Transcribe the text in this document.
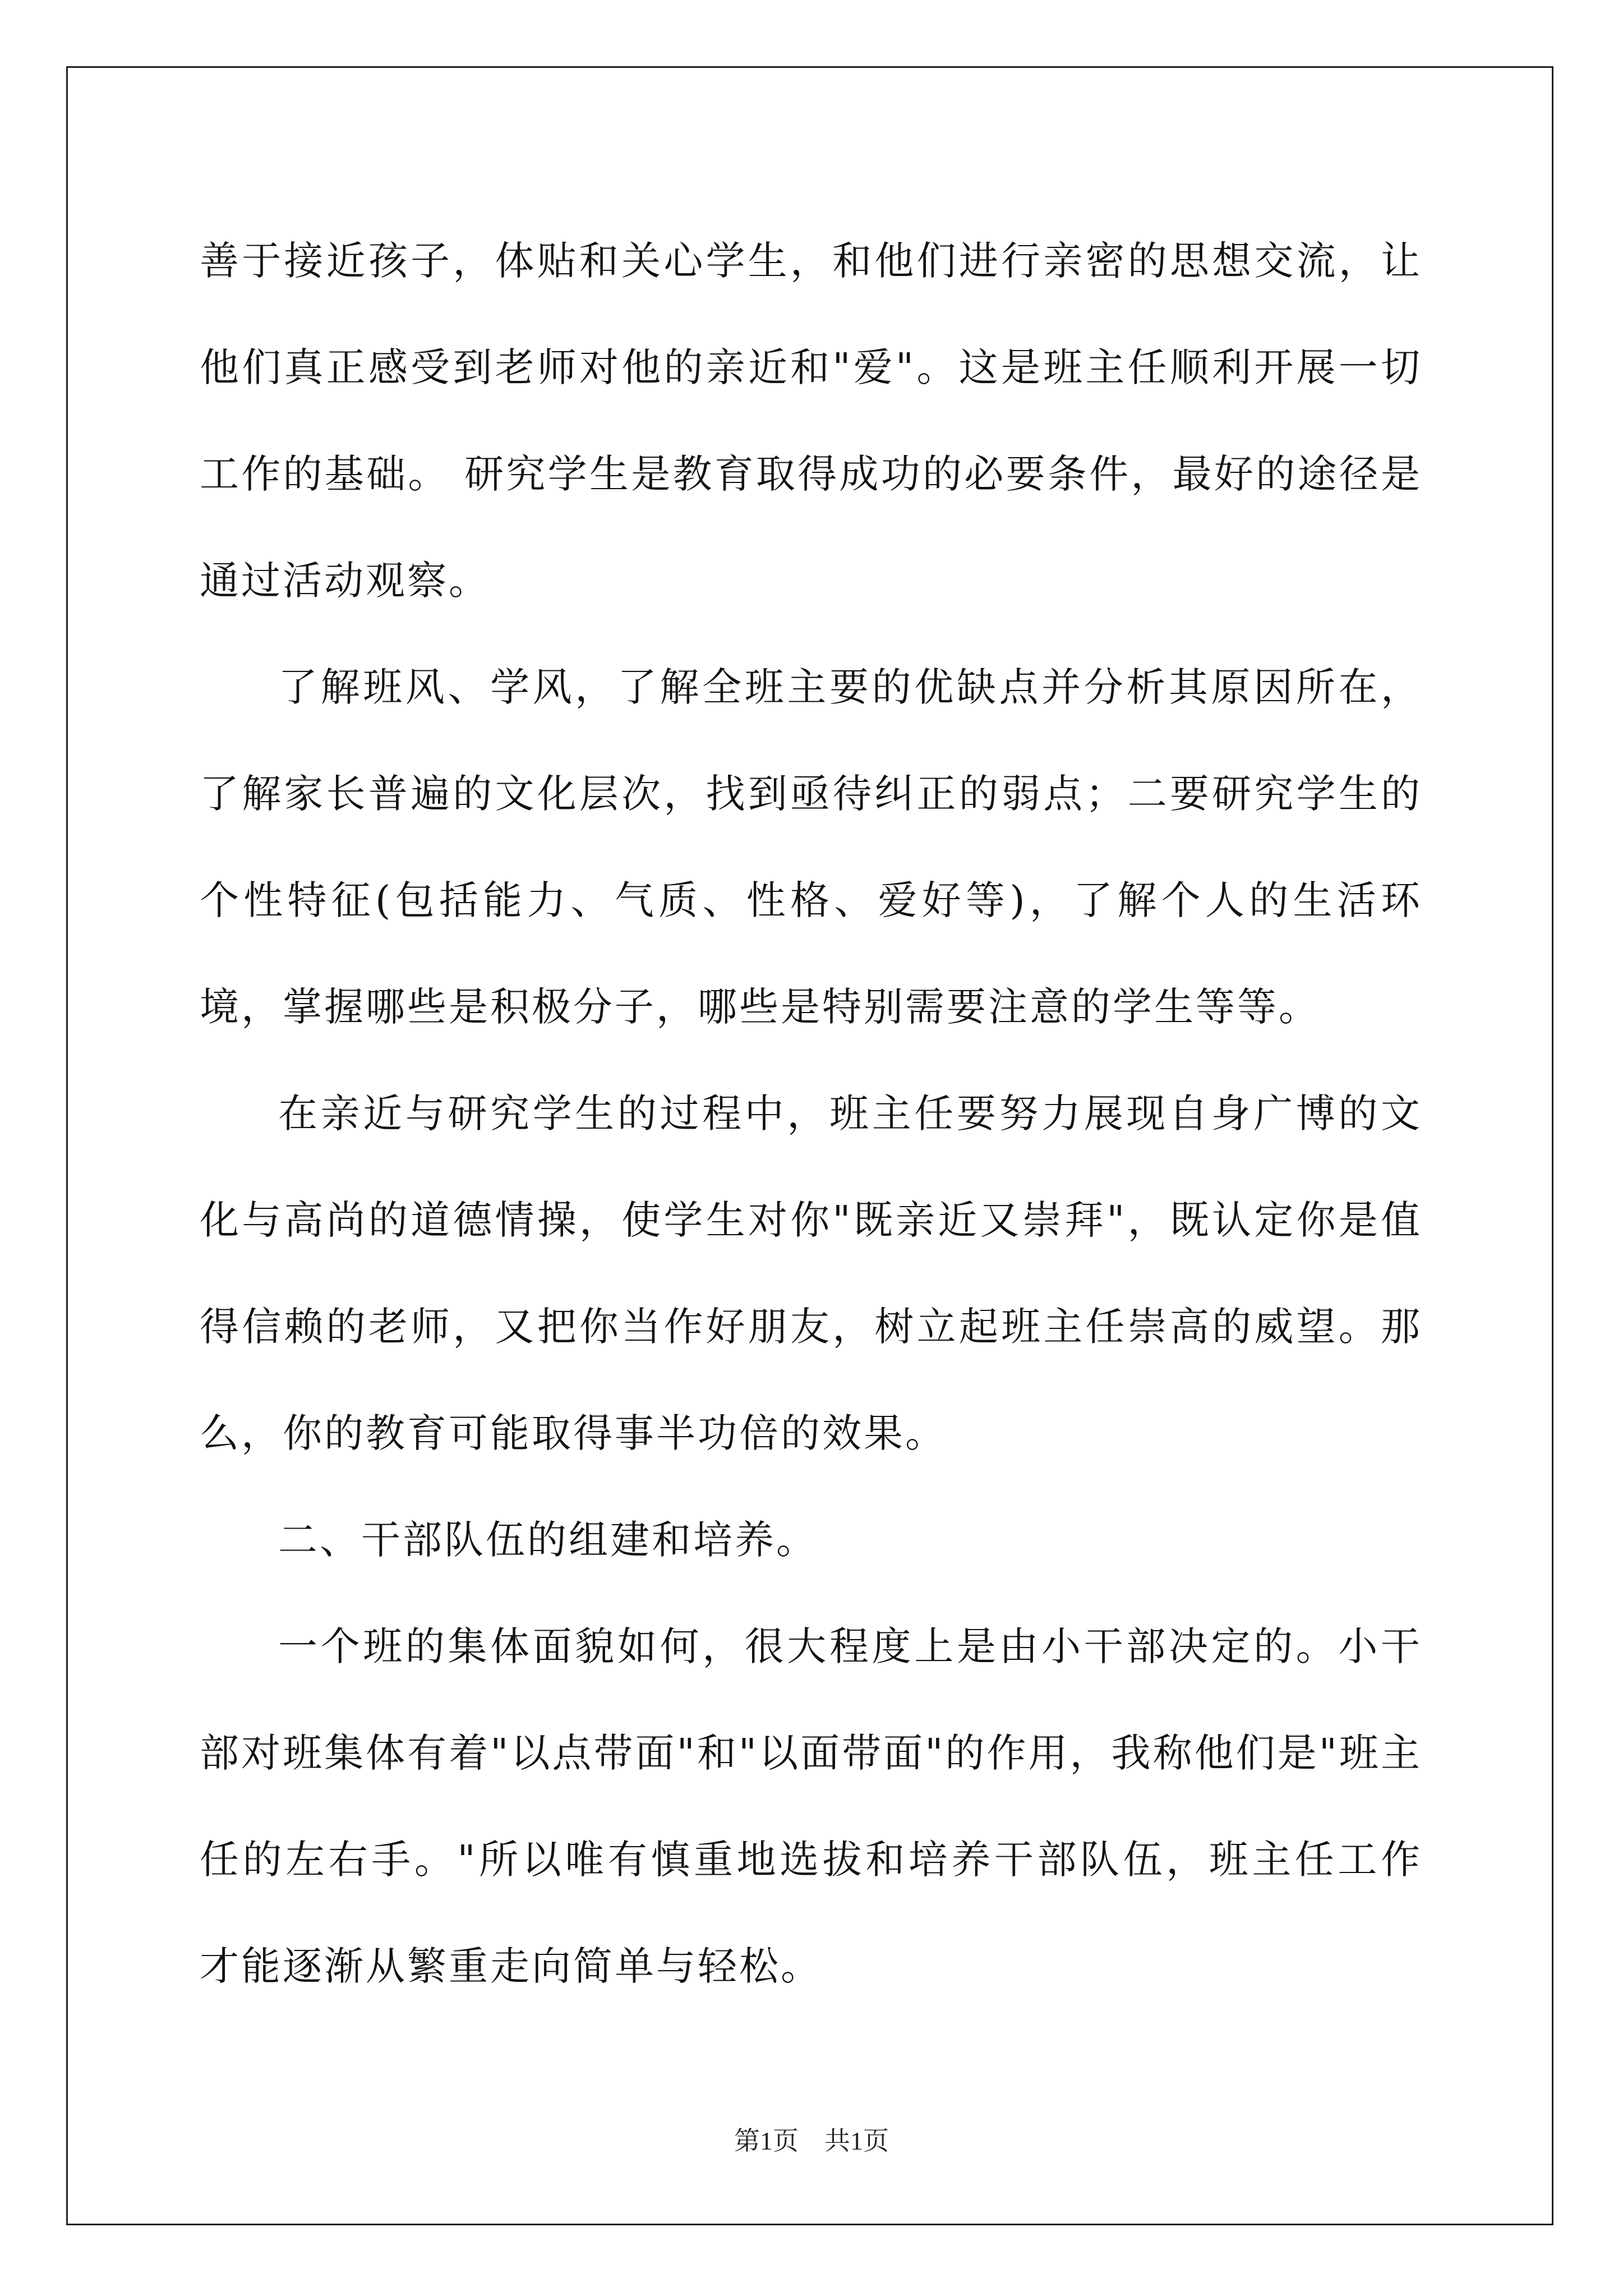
善于接近孩子，体贴和关心学生，和他们进行亲密的思想交流，让他们真正感受到老师对他的亲近和"爱"。这是班主任顺利开展一切工作的基础。 研究学生是教育取得成功的必要条件，最好的途径是通过活动观察。

了解班风、学风，了解全班主要的优缺点并分析其原因所在，了解家长普遍的文化层次，找到亟待纠正的弱点；二要研究学生的个性特征(包括能力、气质、性格、爱好等)，了解个人的生活环境，掌握哪些是积极分子，哪些是特别需要注意的学生等等。

在亲近与研究学生的过程中，班主任要努力展现自身广博的文化与高尚的道德情操，使学生对你"既亲近又崇拜"，既认定你是值得信赖的老师，又把你当作好朋友，树立起班主任崇高的威望。那么，你的教育可能取得事半功倍的效果。

二、干部队伍的组建和培养。

一个班的集体面貌如何，很大程度上是由小干部决定的。小干部对班集体有着"以点带面"和"以面带面"的作用，我称他们是"班主任的左右手。"所以唯有慎重地选拔和培养干部队伍，班主任工作才能逐渐从繁重走向简单与轻松。

第1页　共1页
